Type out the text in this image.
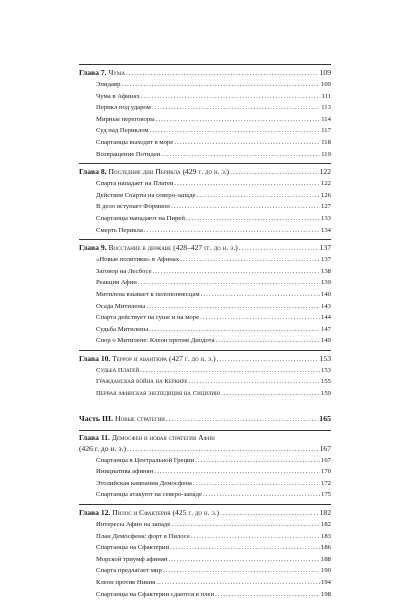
Глава 7. Чума .....	109
Эпидавр .....	109
Чума в Афинах .....	111
Перикл под ударом .....	113
Мирные переговоры .....	114
Суд над Периклом .....	117
Спартанцы выходят в море .....	118
Возвращение Потидеи .....	119
Глава 8. Последние дни Перикла (429 г. до н. э.) .....	122
Спарта нападает на Платеи .....	122
Действия Спарты на северо-западе .....	126
В дело вступает Формион .....	127
Спартанцы нападают на Пирей .....	133
Смерть Перикла .....	134
Глава 9. Восстание в державе (428–427 гг. до н. э.) .....	137
«Новые политики» в Афинах .....	137
Заговор на Лесбосе .....	138
Реакция Афин .....	139
Митилена взывает к пелопоннесцам .....	140
Осада Митилены .....	143
Спарта действует на суше и на море .....	144
Судьба Митилены .....	147
Спор о Митилене: Клеон против Диодота .....	149
Глава 10. Террор и авантюра (427 г. до н. э.) .....	153
Судьба Платей .....	153
Гражданская война на Керкире .....	155
Первая афинская экспедиция на Сицилию .....	159
Часть III. Новые стратегии .....	165
Глава 11. Демосфен и новая стратегия Афин
(426 г. до н. э.) .....	167
Спартанцы в Центральной Греции .....	167
Инициатива афинян .....	170
Этолийская кампания Демосфена .....	172
Спартанцы атакуют на северо-западе .....	175
Глава 12. Пилос и Сфактерия (425 г. до н. э.) .....	182
Интересы Афин на западе .....	182
План Демосфена: форт в Пилосе .....	183
Спартанцы на Сфактерии .....	186
Морской триумф афинян .....	188
Спарта предлагает мир .....	190
Клеон против Никия .....	194
Спартанцы на Сфактерии сдаются в плен .....	198
